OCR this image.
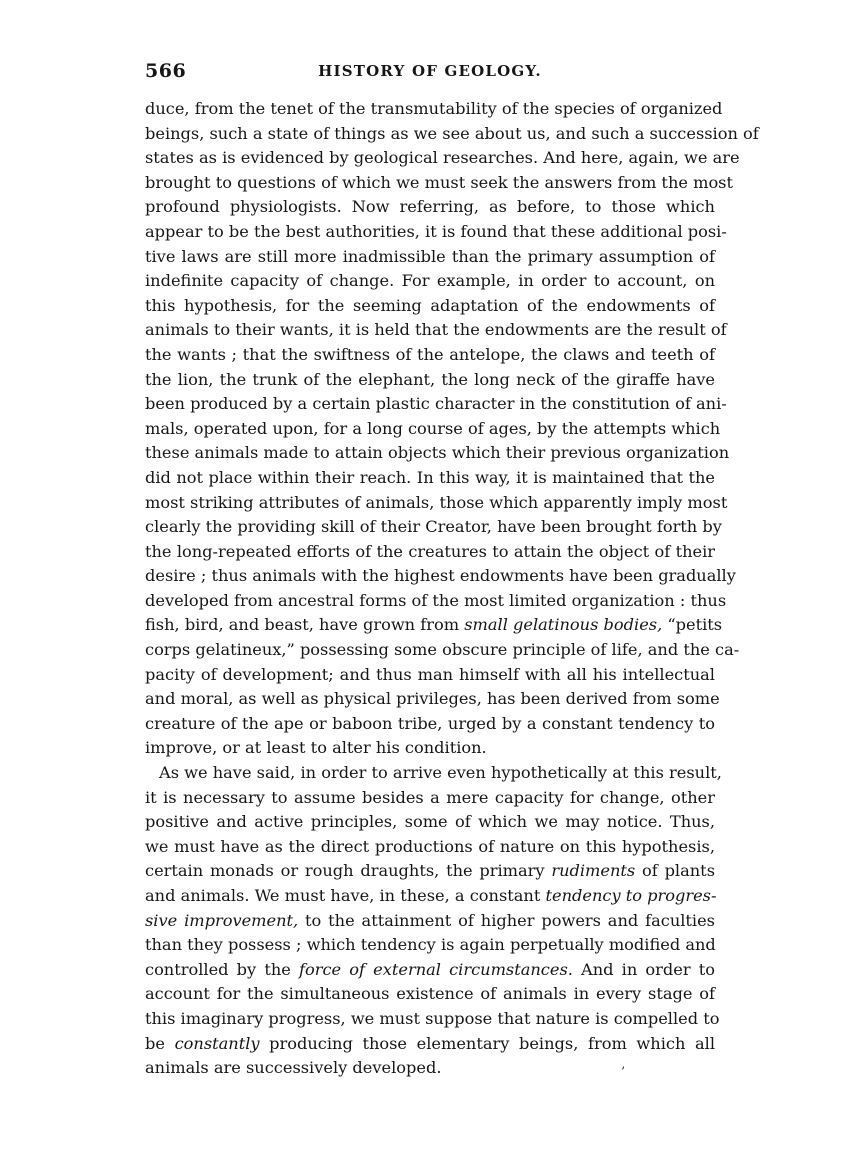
566	HISTORY OF GEOLOGY.
duce, from the tenet of the transmutability of the species of organized
beings, such a state of things as we see about us, and such a succession of
states as is evidenced by geological researches. And here, again, we are
brought to questions of which we must seek the answers from the most
profound physiologists. Now referring, as before, to those which
appear to be the best authorities, it is found that these additional posi-
tive laws are still more inadmissible than the primary assumption of
indefinite capacity of change. For example, in order to account, on
this hypothesis, for the seeming adaptation of the endowments of
animals to their wants, it is held that the endowments are the result of
the wants ; that the swiftness of the antelope, the claws and teeth of
the lion, the trunk of the elephant, the long neck of the giraffe have
been produced by a certain plastic character in the constitution of ani-
mals, operated upon, for a long course of ages, by the attempts which
these animals made to attain objects which their previous organization
did not place within their reach. In this way, it is maintained that the
most striking attributes of animals, those which apparently imply most
clearly the providing skill of their Creator, have been brought forth by
the long-repeated efforts of the creatures to attain the object of their
desire ; thus animals with the highest endowments have been gradually
developed from ancestral forms of the most limited organization : thus
fish, bird, and beast, have grown from small gelatinous bodies, “petits
corps gelatineux,” possessing some obscure principle of life, and the ca-
pacity of development; and thus man himself with all his intellectual
and moral, as well as physical privileges, has been derived from some
creature of the ape or baboon tribe, urged by a constant tendency to
improve, or at least to alter his condition.
As we have said, in order to arrive even hypothetically at this result,
it is necessary to assume besides a mere capacity for change, other
positive and active principles, some of which we may notice. Thus,
we must have as the direct productions of nature on this hypothesis,
certain monads or rough draughts, the primary rudiments of plants
and animals. We must have, in these, a constant tendency to progres-
sive improvement, to the attainment of higher powers and faculties
than they possess ; which tendency is again perpetually modified and
controlled by the force of external circumstances. And in order to
account for the simultaneous existence of animals in every stage of
this imaginary progress, we must suppose that nature is compelled to
be constantly producing those elementary beings, from which all
animals are successively developed.	’
